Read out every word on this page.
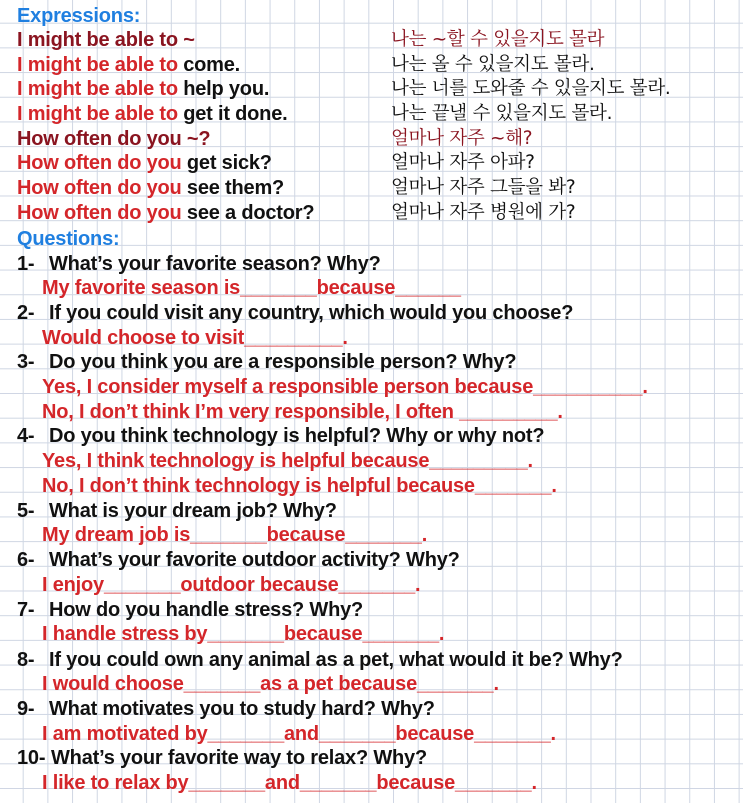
Expressions:
I might be able to ~	나는 ~할 수 있을지도 몰라
I might be able to come.	나는 올 수 있을지도 몰라.
I might be able to help you.	나는 너를 도와줄 수 있을지도 몰라.
I might be able to get it done.	나는 끝낼 수 있을지도 몰라.
How often do you ~?	얼마나 자주 ~해?
How often do you get sick?	얼마나 자주 아파?
How often do you see them?	얼마나 자주 그들을 봐?
How often do you see a doctor?	얼마나 자주 병원에 가?
Questions:
1- What’s your favorite season? Why?
My favorite season is_______because______
2- If you could visit any country, which would you choose?
Would choose to visit_________.
3- Do you think you are a responsible person? Why?
Yes, I consider myself a responsible person because__________.
No, I don’t think I’m very responsible, I often _________.
4- Do you think technology is helpful? Why or why not?
Yes, I think technology is helpful because_________.
No, I don’t think technology is helpful because_______.
5- What is your dream job? Why?
My dream job is_______because_______.
6- What’s your favorite outdoor activity? Why?
I enjoy_______outdoor because_______.
7- How do you handle stress? Why?
I handle stress by_______because_______.
8- If you could own any animal as a pet, what would it be? Why?
I would choose_______as a pet because_______.
9- What motivates you to study hard? Why?
I am motivated by_______and_______because_______.
10- What’s your favorite way to relax? Why?
I like to relax by_______and_______because_______.
